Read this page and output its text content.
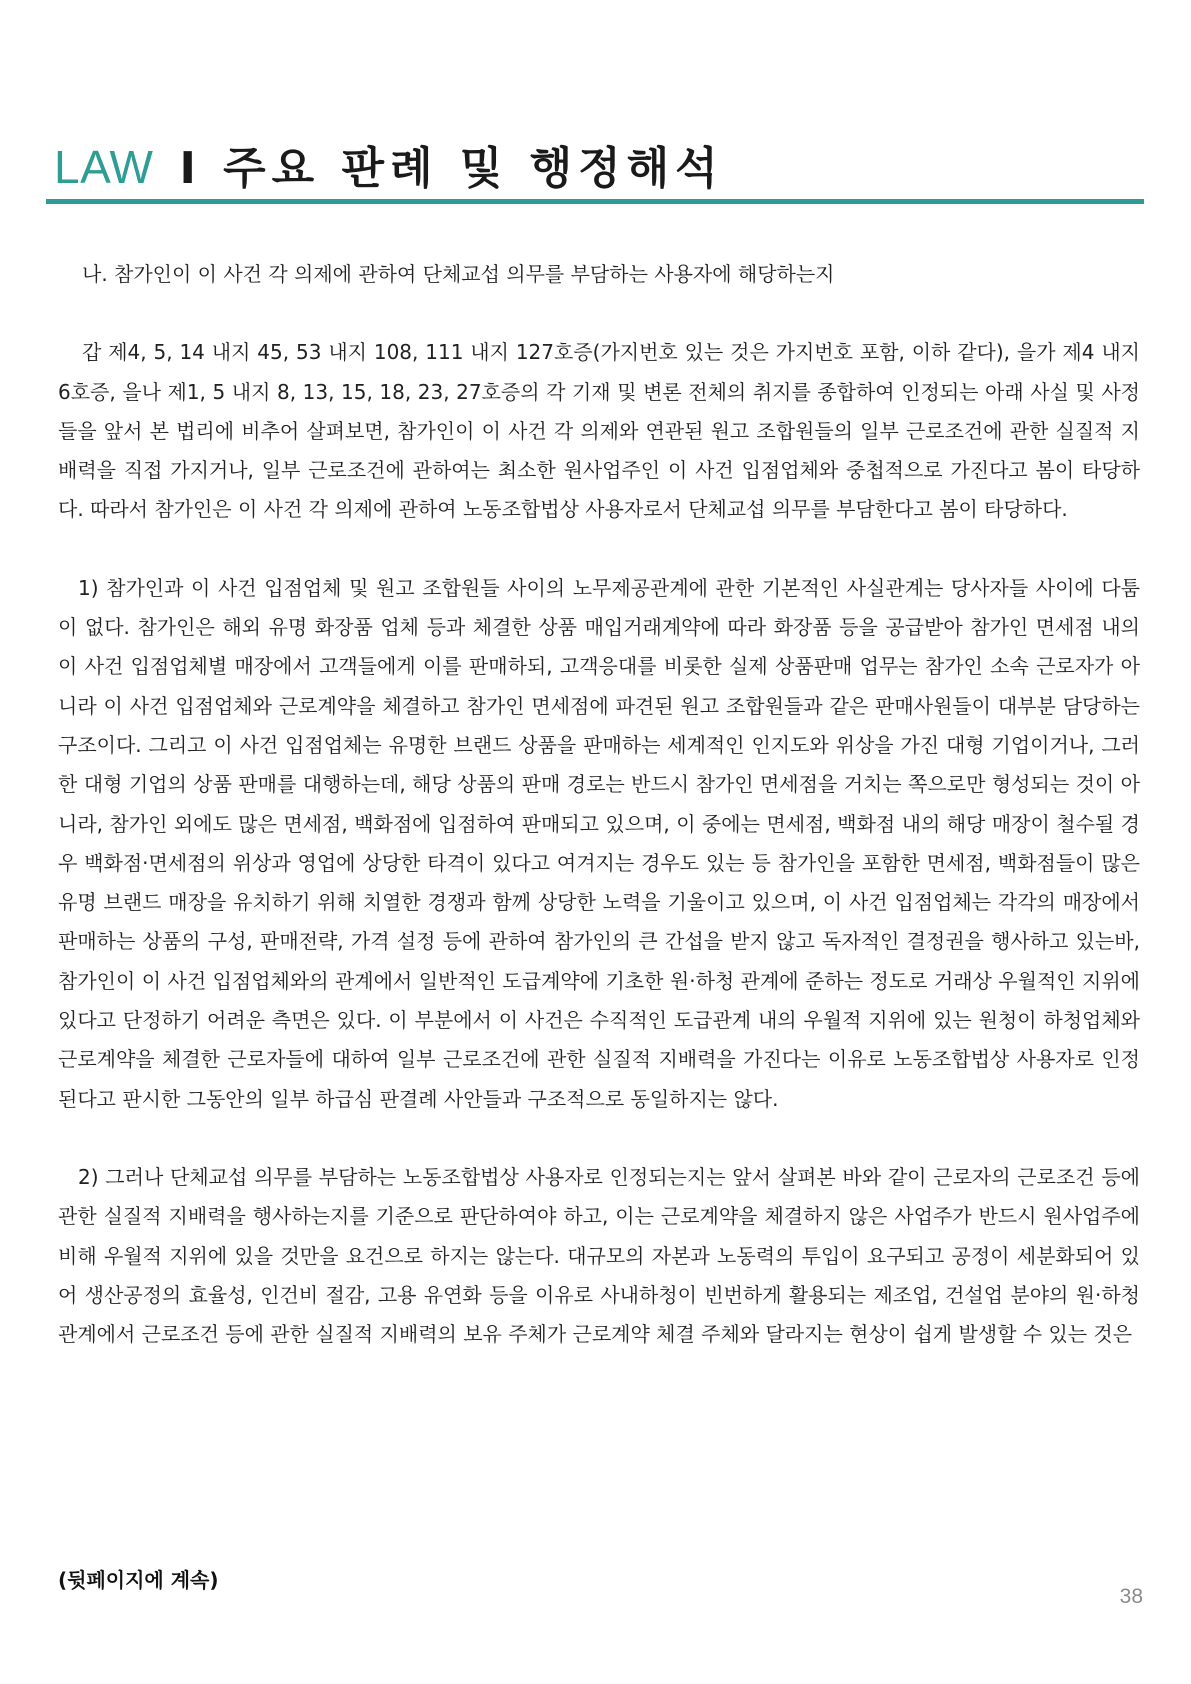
LAW I 주요 판례 및 행정해석

나. 참가인이 이 사건 각 의제에 관하여 단체교섭 의무를 부담하는 사용자에 해당하는지

갑 제4, 5, 14 내지 45, 53 내지 108, 111 내지 127호증(가지번호 있는 것은 가지번호 포함, 이하 같다), 을가 제4 내지 6호증, 을나 제1, 5 내지 8, 13, 15, 18, 23, 27호증의 각 기재 및 변론 전체의 취지를 종합하여 인정되는 아래 사실 및 사정들을 앞서 본 법리에 비추어 살펴보면, 참가인이 이 사건 각 의제와 연관된 원고 조합원들의 일부 근로조건에 관한 실질적 지배력을 직접 가지거나, 일부 근로조건에 관하여는 최소한 원사업주인 이 사건 입점업체와 중첩적으로 가진다고 봄이 타당하다. 따라서 참가인은 이 사건 각 의제에 관하여 노동조합법상 사용자로서 단체교섭 의무를 부담한다고 봄이 타당하다.

1) 참가인과 이 사건 입점업체 및 원고 조합원들 사이의 노무제공관계에 관한 기본적인 사실관계는 당사자들 사이에 다툼이 없다. 참가인은 해외 유명 화장품 업체 등과 체결한 상품 매입거래계약에 따라 화장품 등을 공급받아 참가인 면세점 내의 이 사건 입점업체별 매장에서 고객들에게 이를 판매하되, 고객응대를 비롯한 실제 상품판매 업무는 참가인 소속 근로자가 아니라 이 사건 입점업체와 근로계약을 체결하고 참가인 면세점에 파견된 원고 조합원들과 같은 판매사원들이 대부분 담당하는 구조이다. 그리고 이 사건 입점업체는 유명한 브랜드 상품을 판매하는 세계적인 인지도와 위상을 가진 대형 기업이거나, 그러한 대형 기업의 상품 판매를 대행하는데, 해당 상품의 판매 경로는 반드시 참가인 면세점을 거치는 쪽으로만 형성되는 것이 아니라, 참가인 외에도 많은 면세점, 백화점에 입점하여 판매되고 있으며, 이 중에는 면세점, 백화점 내의 해당 매장이 철수될 경우 백화점·면세점의 위상과 영업에 상당한 타격이 있다고 여겨지는 경우도 있는 등 참가인을 포함한 면세점, 백화점들이 많은 유명 브랜드 매장을 유치하기 위해 치열한 경쟁과 함께 상당한 노력을 기울이고 있으며, 이 사건 입점업체는 각각의 매장에서 판매하는 상품의 구성, 판매전략, 가격 설정 등에 관하여 참가인의 큰 간섭을 받지 않고 독자적인 결정권을 행사하고 있는바, 참가인이 이 사건 입점업체와의 관계에서 일반적인 도급계약에 기초한 원·하청 관계에 준하는 정도로 거래상 우월적인 지위에 있다고 단정하기 어려운 측면은 있다. 이 부분에서 이 사건은 수직적인 도급관계 내의 우월적 지위에 있는 원청이 하청업체와 근로계약을 체결한 근로자들에 대하여 일부 근로조건에 관한 실질적 지배력을 가진다는 이유로 노동조합법상 사용자로 인정된다고 판시한 그동안의 일부 하급심 판결례 사안들과 구조적으로 동일하지는 않다.

2) 그러나 단체교섭 의무를 부담하는 노동조합법상 사용자로 인정되는지는 앞서 살펴본 바와 같이 근로자의 근로조건 등에 관한 실질적 지배력을 행사하는지를 기준으로 판단하여야 하고, 이는 근로계약을 체결하지 않은 사업주가 반드시 원사업주에 비해 우월적 지위에 있을 것만을 요건으로 하지는 않는다. 대규모의 자본과 노동력의 투입이 요구되고 공정이 세분화되어 있어 생산공정의 효율성, 인건비 절감, 고용 유연화 등을 이유로 사내하청이 빈번하게 활용되는 제조업, 건설업 분야의 원·하청 관계에서 근로조건 등에 관한 실질적 지배력의 보유 주체가 근로계약 체결 주체와 달라지는 현상이 쉽게 발생할 수 있는 것은

(뒷페이지에 계속)
38
